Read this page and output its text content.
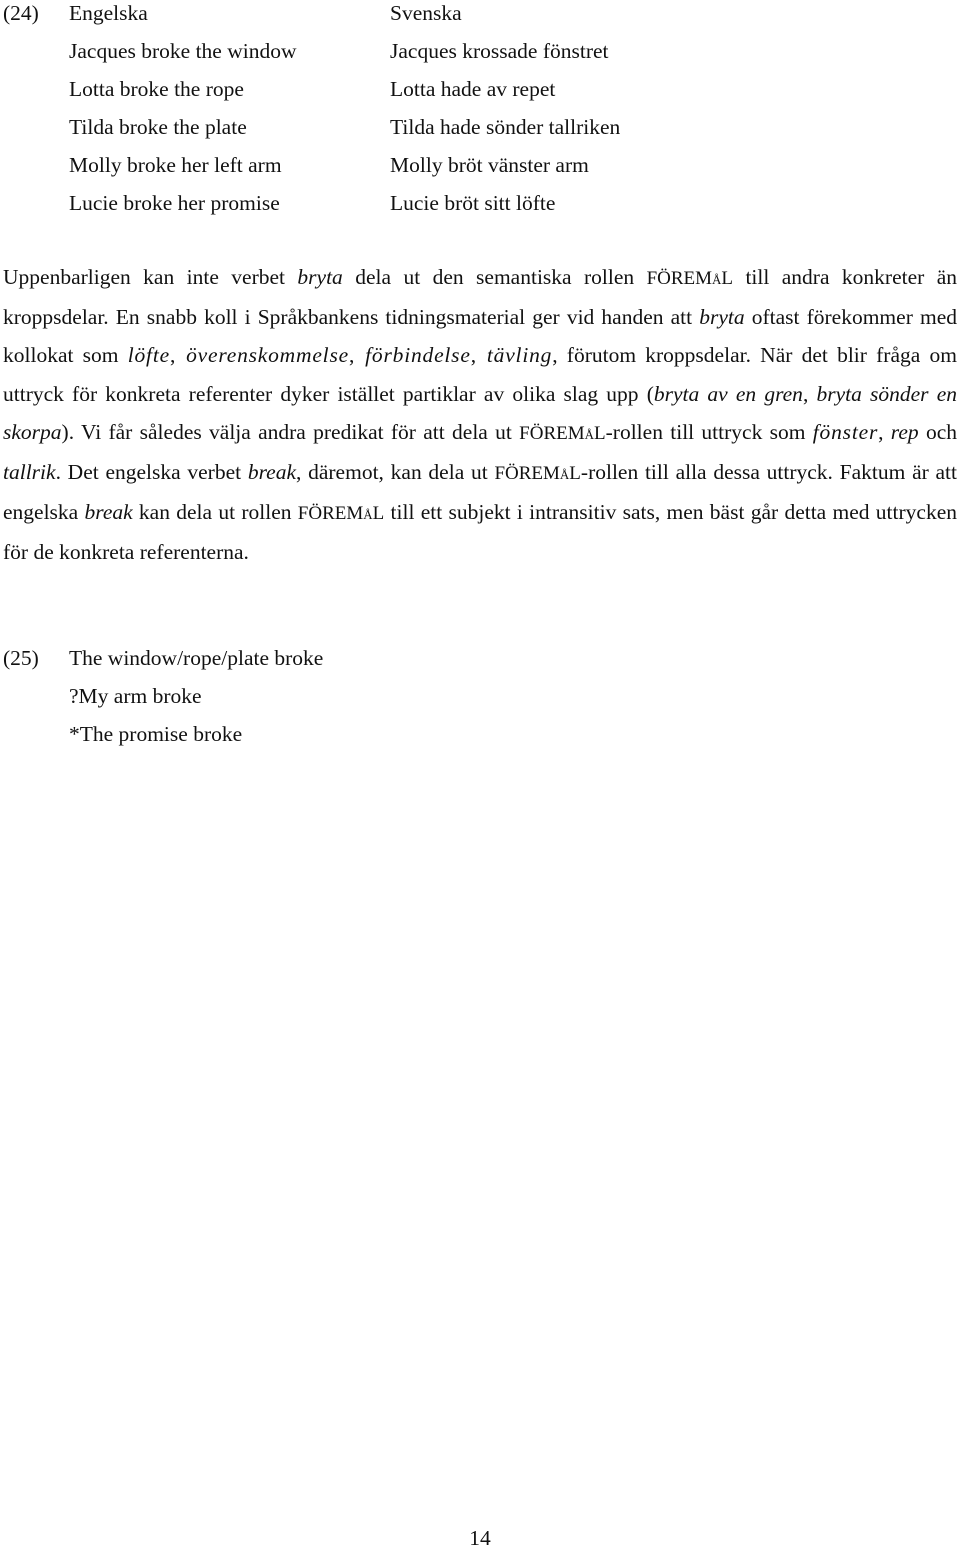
(24) Engelska	Svenska
Jacques broke the window	Jacques krossade fönstret
Lotta broke the rope	Lotta hade av repet
Tilda broke the plate	Tilda hade sönder tallriken
Molly broke her left arm	Molly bröt vänster arm
Lucie broke her promise	Lucie bröt sitt löfte

Uppenbarligen kan inte verbet bryta dela ut den semantiska rollen FÖREMåL till andra konkreter än kroppsdelar. En snabb koll i Språkbankens tidningsmaterial ger vid handen att bryta oftast förekommer med kollokat som löfte, överenskommelse, förbindelse, tävling, förutom kroppsdelar. När det blir fråga om uttryck för konkreta referenter dyker istället partiklar av olika slag upp (bryta av en gren, bryta sönder en skorpa). Vi får således välja andra predikat för att dela ut FÖREMåL-rollen till uttryck som fönster, rep och tallrik. Det engelska verbet break, däremot, kan dela ut FÖREMåL-rollen till alla dessa uttryck. Faktum är att engelska break kan dela ut rollen FÖREMåL till ett subjekt i intransitiv sats, men bäst går detta med uttrycken för de konkreta referenterna.

(25) The window/rope/plate broke
?My arm broke
*The promise broke
14
